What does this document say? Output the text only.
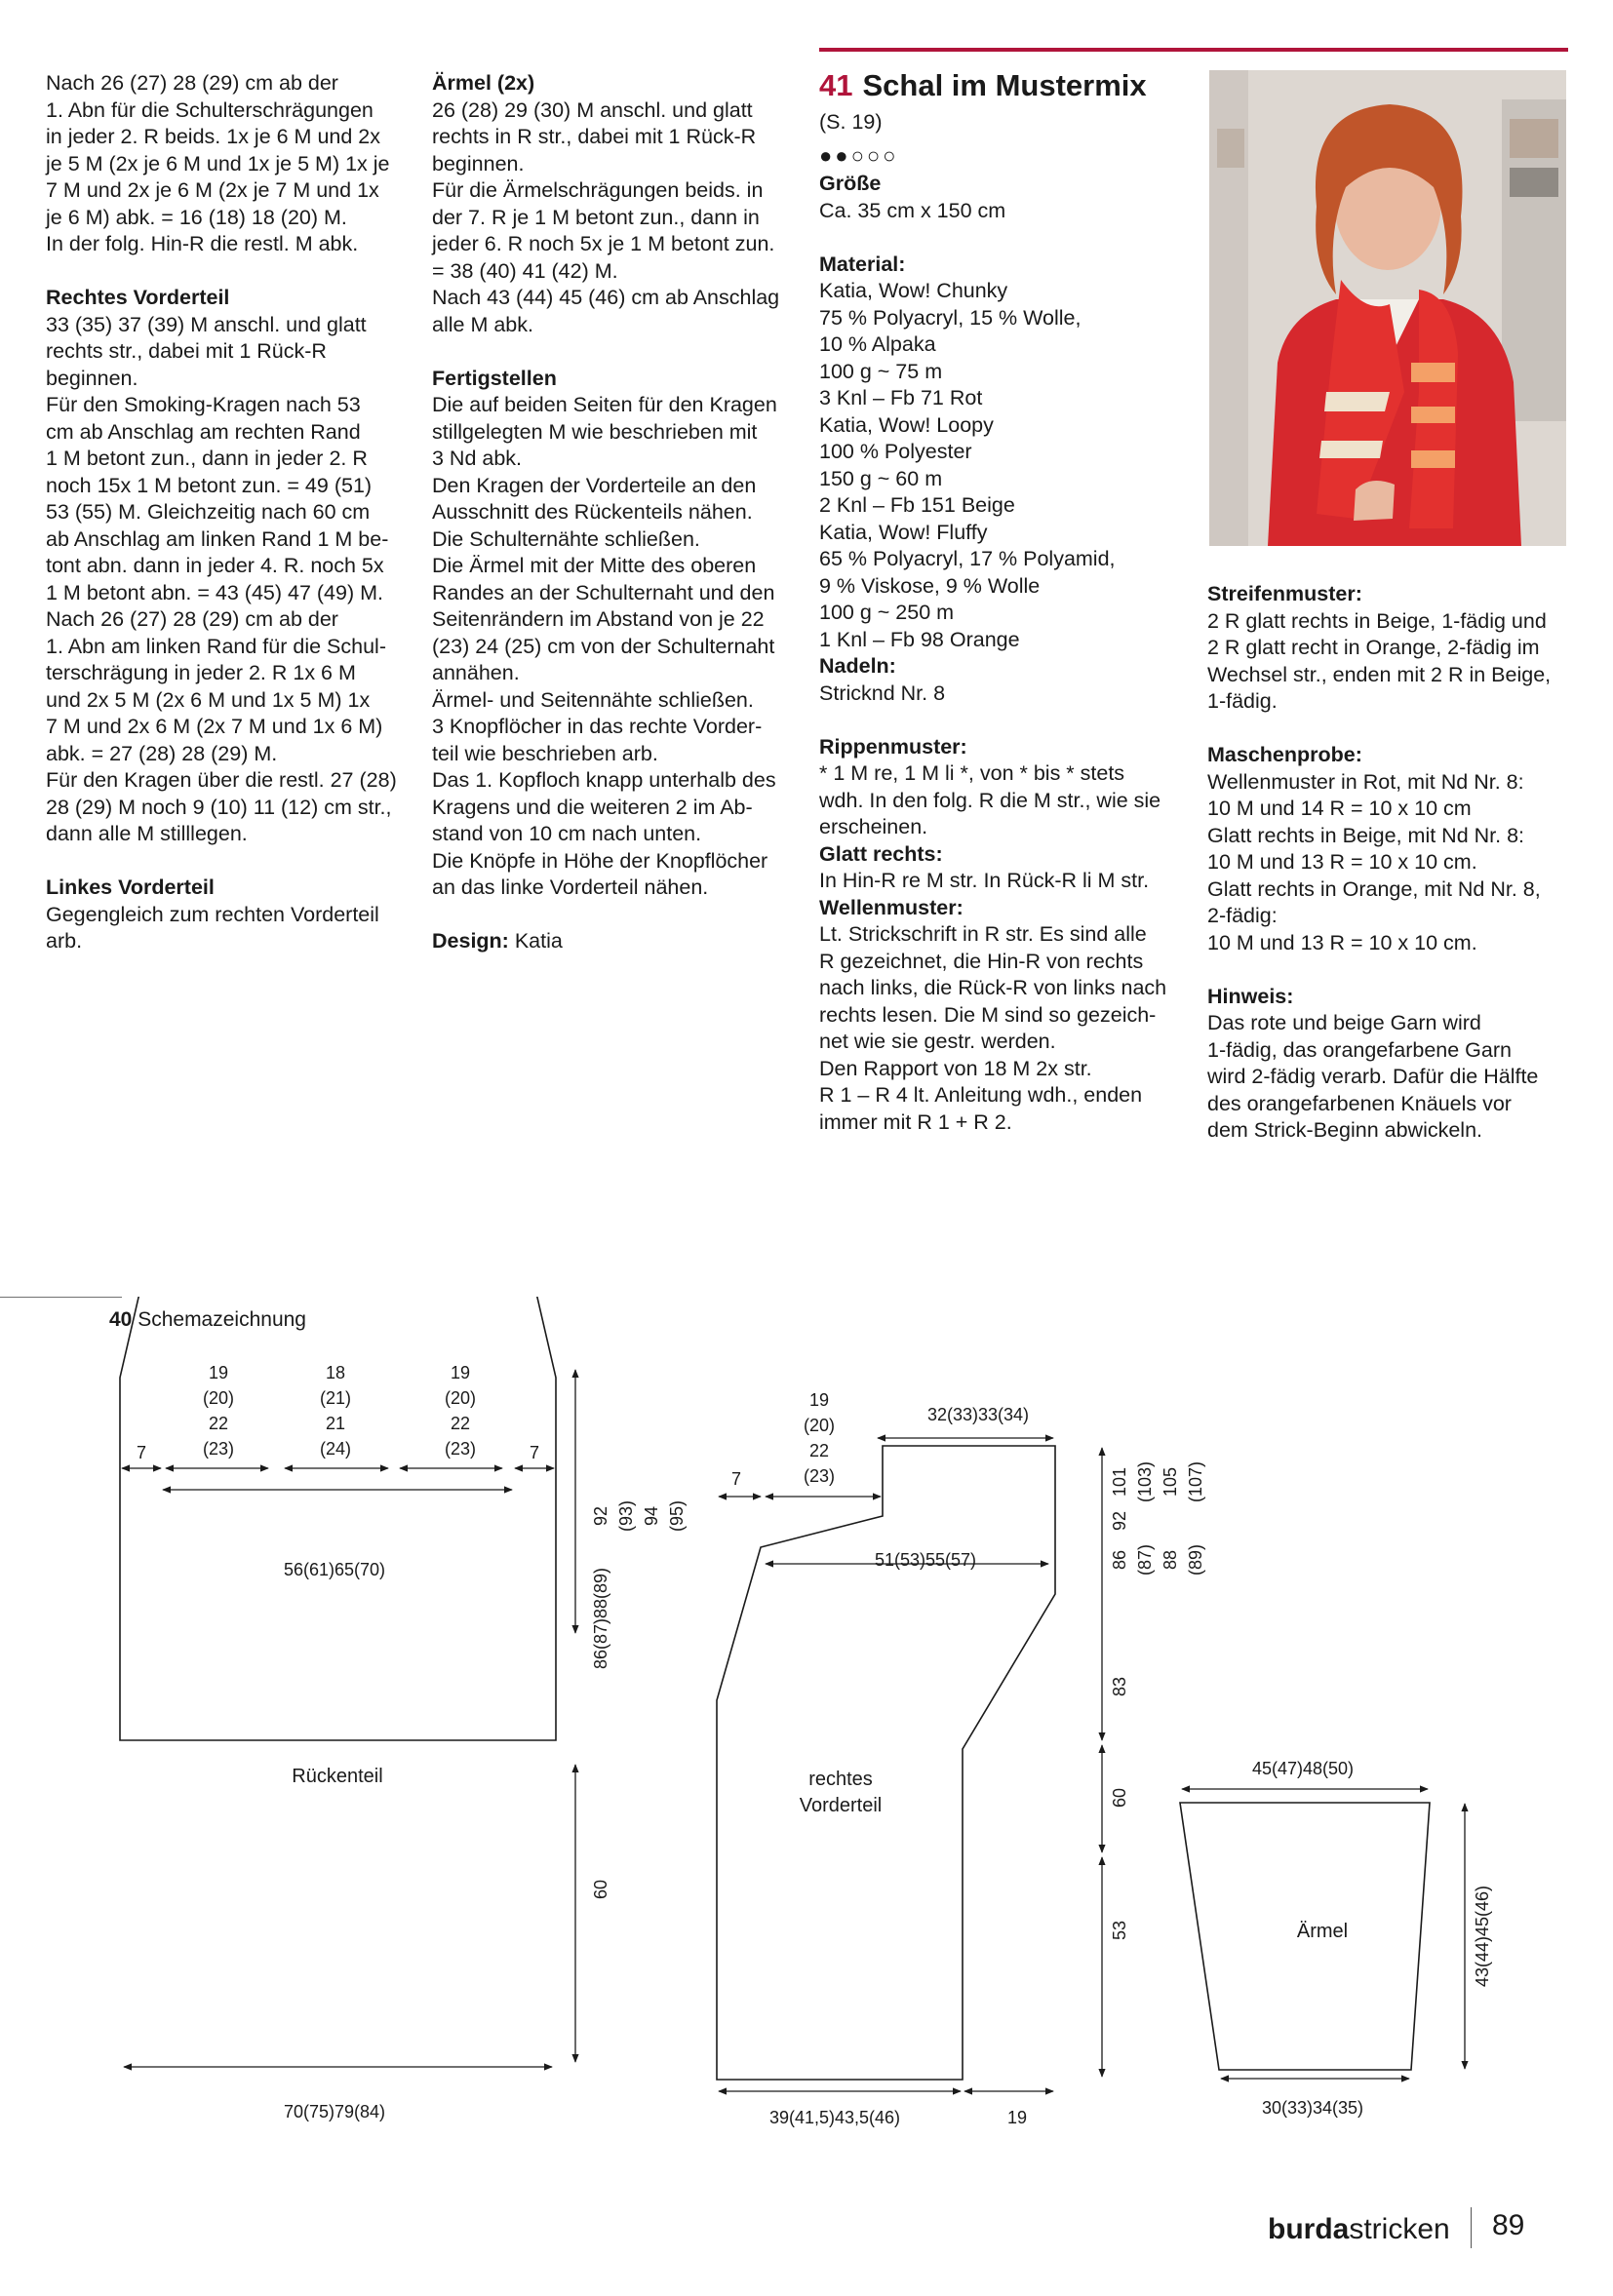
Nach 26 (27) 28 (29) cm ab der

1. Abn für die Schulterschrägungen

in jeder 2. R beids. 1x je 6 M und 2x

je 5 M (2x je 6 M und 1x je 5 M) 1x je

7 M und 2x je 6 M (2x je 7 M und 1x

je 6 M) abk. = 16 (18) 18 (20) M.

In der folg. Hin-R die restl. M abk.

Rechtes Vorderteil

33 (35) 37 (39) M anschl. und glatt

rechts str., dabei mit 1 Rück-R

beginnen.

Für den Smoking-Kragen nach 53

cm ab Anschlag am rechten Rand

1 M betont zun., dann in jeder 2. R

noch 15x 1 M betont zun. = 49 (51)

53 (55) M. Gleichzeitig nach 60 cm

ab Anschlag am linken Rand 1 M be-

tont abn. dann in jeder 4. R. noch 5x

1 M betont abn. = 43 (45) 47 (49) M.

Nach 26 (27) 28 (29) cm ab der

1. Abn am linken Rand für die Schul-

terschrägung in jeder 2. R 1x 6 M

und 2x 5 M (2x 6 M und 1x 5 M) 1x

7 M und 2x 6 M (2x 7 M und 1x 6 M)

abk. = 27 (28) 28 (29) M.

Für den Kragen über die restl. 27 (28)

28 (29) M noch 9 (10) 11 (12) cm str.,

dann alle M stilllegen.

Linkes Vorderteil

Gegengleich zum rechten Vorderteil

arb.

Ärmel (2x)

26 (28) 29 (30) M anschl. und glatt

rechts in R str., dabei mit 1 Rück-R

beginnen.

Für die Ärmelschrägungen beids. in

der 7. R je 1 M betont zun., dann in

jeder 6. R noch 5x je 1 M betont zun.

= 38 (40) 41 (42) M.

Nach 43 (44) 45 (46) cm ab Anschlag

alle M abk.

Fertigstellen

Die auf beiden Seiten für den Kragen

stillgelegten M wie beschrieben mit

3 Nd abk.

Den Kragen der Vorderteile an den

Ausschnitt des Rückenteils nähen.

Die Schulternähte schließen.

Die Ärmel mit der Mitte des oberen

Randes an der Schulternaht und den

Seitenrändern im Abstand von je 22

(23) 24 (25) cm von der Schulternaht

annähen.

Ärmel- und Seitennähte schließen.

3 Knopflöcher in das rechte Vorder-

teil wie beschrieben arb.

Das 1. Kopfloch knapp unterhalb des

Kragens und die weiteren 2 im Ab-

stand von 10 cm nach unten.

Die Knöpfe in Höhe der Knopflöcher

an das linke Vorderteil nähen.

Design: Katia

41 Schal im Mustermix

(S. 19)

●●○○○

Größe

Ca. 35 cm x 150 cm

Material:

Katia, Wow! Chunky

75 % Polyacryl, 15 % Wolle,

10 % Alpaka

100 g ~ 75 m

3 Knl – Fb 71 Rot

Katia, Wow! Loopy

100 % Polyester

150 g ~ 60 m

2 Knl – Fb 151 Beige

Katia, Wow! Fluffy

65 % Polyacryl, 17 % Polyamid,

9 % Viskose, 9 % Wolle

100 g ~ 250 m

1 Knl – Fb 98 Orange

Nadeln:

Stricknd Nr. 8

Rippenmuster:

* 1 M re, 1 M li *, von * bis * stets

wdh. In den folg. R die M str., wie sie

erscheinen.

Glatt rechts:

In Hin-R re M str. In Rück-R li M str.

Wellenmuster:

Lt. Strickschrift in R str. Es sind alle

R gezeichnet, die Hin-R von rechts

nach links, die Rück-R von links nach

rechts lesen. Die M sind so gezeich-

net wie sie gestr. werden.

Den Rapport von 18 M 2x str.

R 1 – R 4 lt. Anleitung wdh., enden

immer mit R 1 + R 2.

Streifenmuster:

2 R glatt rechts in Beige, 1-fädig und

2 R glatt recht in Orange, 2-fädig im

Wechsel str., enden mit 2 R in Beige,

1-fädig.

Maschenprobe:

Wellenmuster in Rot, mit Nd Nr. 8:

10 M und 14 R = 10 x 10 cm

Glatt rechts in Beige, mit Nd Nr. 8:

10 M und 13 R = 10 x 10 cm.

Glatt rechts in Orange, mit Nd Nr. 8,

2-fädig:

10 M und 13 R = 10 x 10 cm.

Hinweis:

Das rote und beige Garn wird

1-fädig, das orangefarbene Garn

wird 2-fädig verarb. Dafür die Hälfte

des orangefarbenen Knäuels vor

dem Strick-Beginn abwickeln.

40 Schemazeichnung
19
(20)
22
(23)
18
(21)
21
(24)
19
(20)
22
(23)
7	7
56(61)65(70)
Rückenteil
70(75)79(84)
92 (93) 94 (95)
86(87)88(89)
60
19
(20)
22
(23)
7
32(33)33(34)
51(53)55(57)
rechtes
Vorderteil
39(41,5)43,5(46)	19
86 (87) 88 (89)
92
101 (103) 105 (107)
83
60
53
45(47)48(50)
Ärmel
30(33)34(35)
43(44)45(46)
burdastricken 89
